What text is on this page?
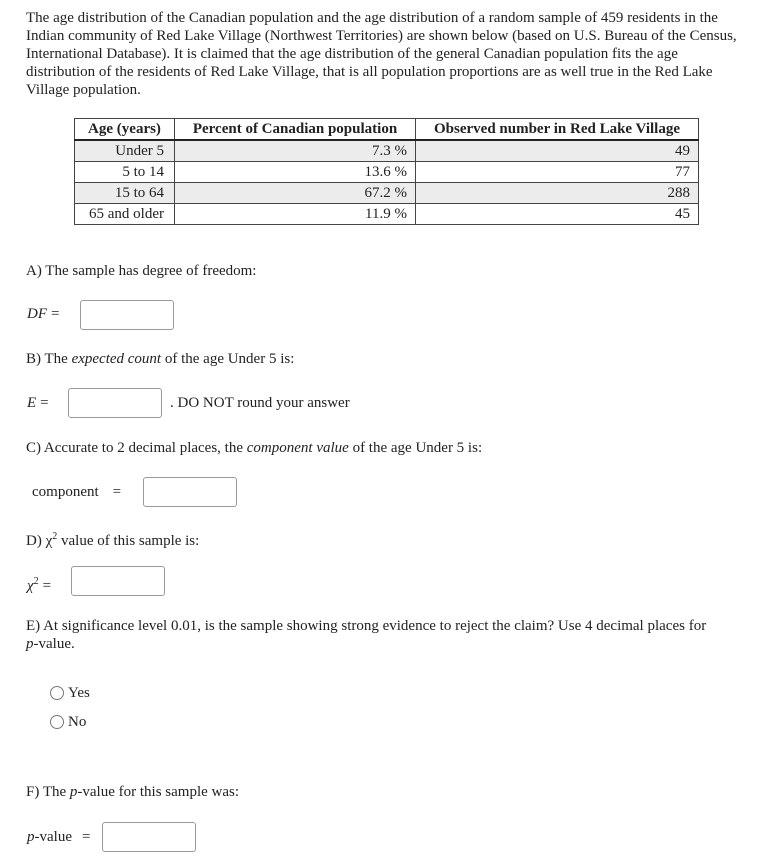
The age distribution of the Canadian population and the age distribution of a random sample of 459 residents in the Indian community of Red Lake Village (Northwest Territories) are shown below (based on U.S. Bureau of the Census, International Database). It is claimed that the age distribution of the general Canadian population fits the age distribution of the residents of Red Lake Village, that is all population proportions are as well true in the Red Lake Village population.

Age (years)	Percent of Canadian population	Observed number in Red Lake Village
Under 5	7.3 %	49
5 to 14	13.6 %	77
15 to 64	67.2 %	288
65 and older	11.9 %	45

A) The sample has degree of freedom:

DF =

B) The expected count of the age Under 5 is:

E =	. DO NOT round your answer

C) Accurate to 2 decimal places, the component value of the age Under 5 is:

component =

D) $\chi^2$ value of this sample is:

$\chi^2$ =

E) At significance level 0.01, is the sample showing strong evidence to reject the claim? Use 4 decimal places for p-value.

Yes
No

F) The p-value for this sample was:

p-value =
